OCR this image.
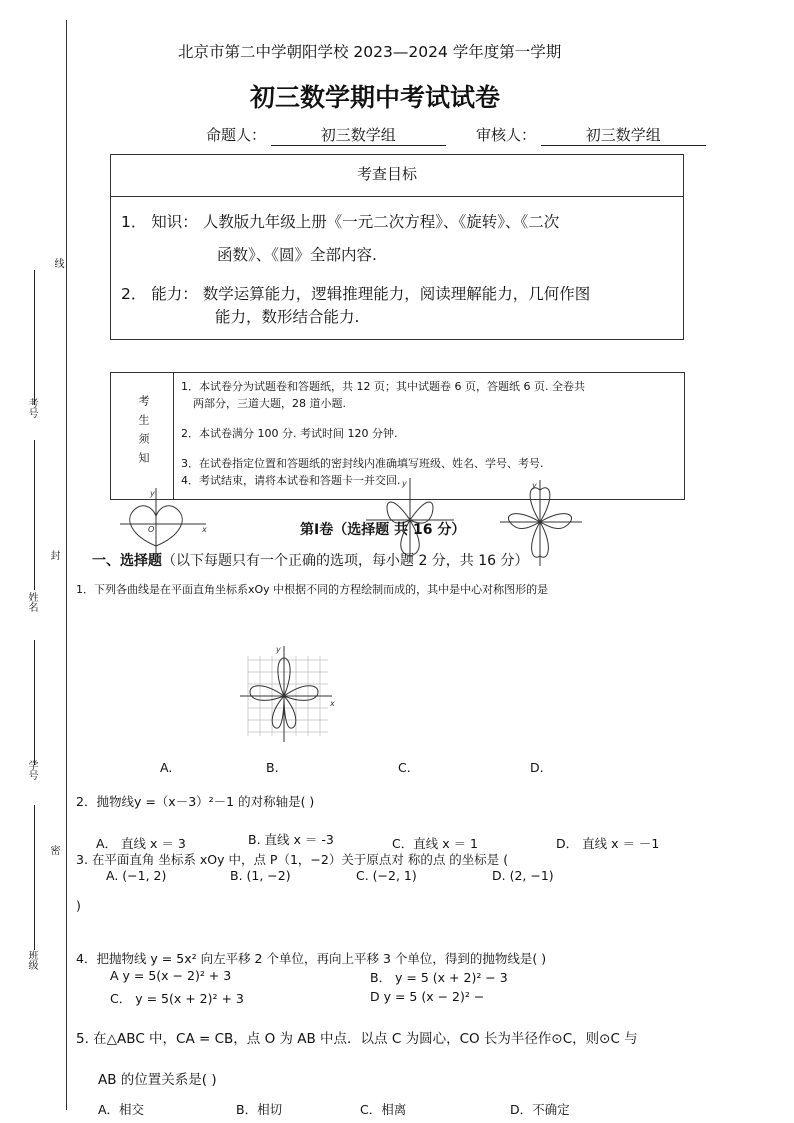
线
考号
封
姓名
学号
密
班级
北京市第二中学朝阳学校 2023—2024 学年度第一学期
初三数学期中考试试卷
命题人：	初三数学组	审核人：	初三数学组
考查目标
1． 知识： 人教版九年级上册《一元二次方程》、《旋转》、《二次
函数》、《圆》全部内容.
2． 能力： 数学运算能力，逻辑推理能力，阅读理解能力，几何作图
能力，数形结合能力.
考生须知
1．本试卷分为试题卷和答题纸，共 12 页；其中试题卷 6 页，答题纸 6 页. 全卷共
两部分，三道大题，28 道小题.
2．本试卷满分 100 分. 考试时间 120 分钟.
3．在试卷指定位置和答题纸的密封线内准确填写班级、姓名、学号、考号.
4．考试结束，请将本试卷和答题卡一并交回.
y
x
O
y	y
第Ⅰ卷（选择题 共 16 分）
一、选择题（以下每题只有一个正确的选项，每小题 2 分，共 16 分）
1．下列各曲线是在平面直角坐标系xOy 中根据不同的方程绘制而成的，其中是中心对称图形的是
y
x
A.	B.	C.	D.
2．抛物线y =（x－3）²－1 的对称轴是( )
A． 直线 x ＝ 3	B. 直线 x ＝ -3	C．直线 x ＝ 1	D． 直线 x ＝ －1
3. 在平面直角 坐标系 xOy 中，点 P（1，−2）关于原点对 称的点 的坐标是 (
A. (−1, 2)	B. (1, −2)	C. (−2, 1)	D. (2, −1)
)
4．把抛物线 y = 5x² 向左平移 2 个单位，再向上平移 3 个单位，得到的抛物线是( )
A y = 5(x − 2)² + 3	B． y = 5 (x + 2)² − 3
C． y = 5(x + 2)² + 3	D y = 5 (x − 2)² −
5. 在△ABC 中，CA = CB，点 O 为 AB 中点．以点 C 为圆心，CO 长为半径作⊙C，则⊙C 与
AB 的位置关系是( )
A．相交	B．相切	C．相离	D．不确定
